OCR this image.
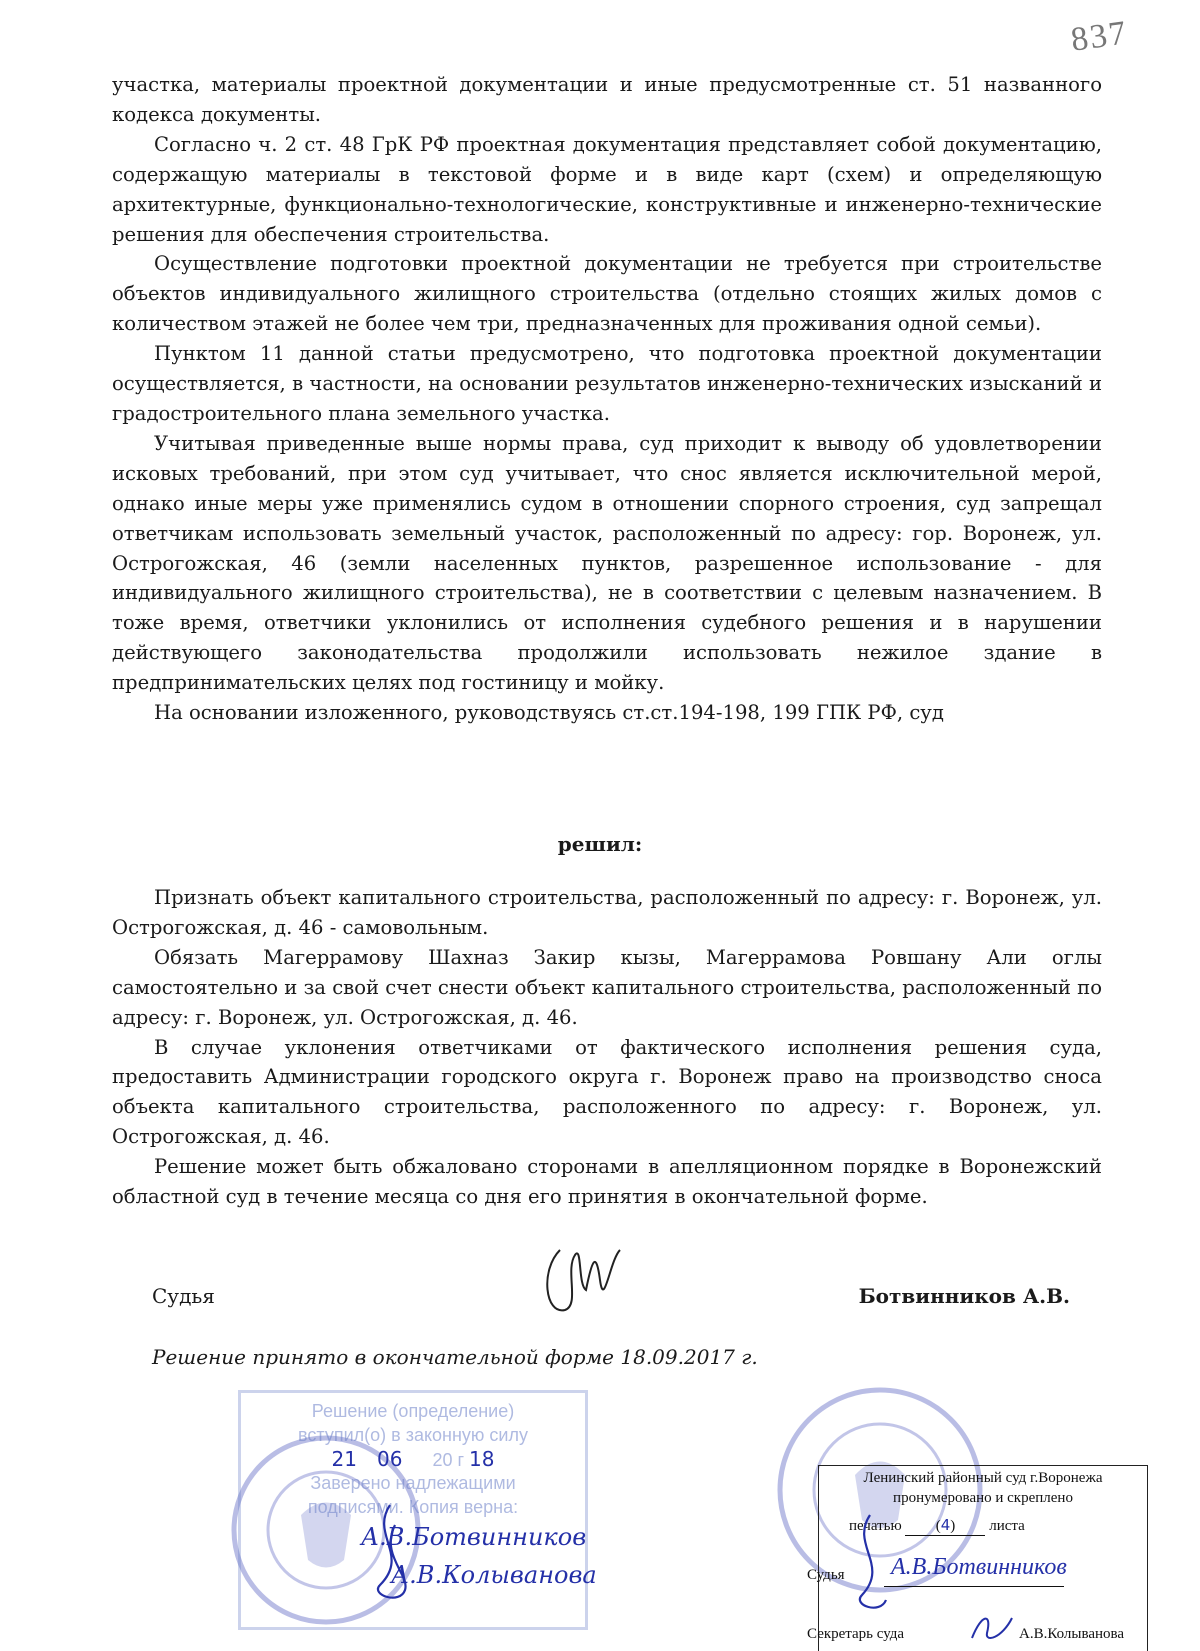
837

участка, материалы проектной документации и иные предусмотренные ст. 51 названного кодекса документы.

Согласно ч. 2 ст. 48 ГрК РФ проектная документация представляет собой документацию, содержащую материалы в текстовой форме и в виде карт (схем) и определяющую архитектурные, функционально-технологические, конструктивные и инженерно-технические решения для обеспечения строительства.

Осуществление подготовки проектной документации не требуется при строительстве объектов индивидуального жилищного строительства (отдельно стоящих жилых домов с количеством этажей не более чем три, предназначенных для проживания одной семьи).

Пунктом 11 данной статьи предусмотрено, что подготовка проектной документации осуществляется, в частности, на основании результатов инженерно-технических изысканий и градостроительного плана земельного участка.

Учитывая приведенные выше нормы права, суд приходит к выводу об удовлетворении исковых требований, при этом суд учитывает, что снос является исключительной мерой, однако иные меры уже применялись судом в отношении спорного строения, суд запрещал ответчикам использовать земельный участок, расположенный по адресу: гор. Воронеж, ул. Острогожская, 46 (земли населенных пунктов, разрешенное использование - для индивидуального жилищного строительства), не в соответствии с целевым назначением. В тоже время, ответчики уклонились от исполнения судебного решения и в нарушении действующего законодательства продолжили использовать нежилое здание в предпринимательских целях под гостиницу и мойку.

На основании изложенного, руководствуясь ст.ст.194-198, 199 ГПК РФ, суд

решил:

Признать объект капитального строительства, расположенный по адресу: г. Воронеж, ул. Острогожская, д. 46 - самовольным.

Обязать Магеррамову Шахназ Закир кызы, Магеррамова Ровшану Али оглы самостоятельно и за свой счет снести объект капитального строительства, расположенный по адресу: г. Воронеж, ул. Острогожская, д. 46.

В случае уклонения ответчиками от фактического исполнения решения суда, предоставить Администрации городского округа г. Воронеж право на производство сноса объекта капитального строительства, расположенного по адресу: г. Воронеж, ул. Острогожская, д. 46.

Решение может быть обжаловано сторонами в апелляционном порядке в Воронежский областной суд в течение месяца со дня его принятия в окончательной форме.

Судья	Ботвинников А.В.
Решение принято в окончательной форме 18.09.2017 г.
Решение (определение)
вступил(о) в законную силу
21 06 20 г 18
Заверено надлежащими
подписями. Копия верна:
А.В.Ботвинников
А.В.Колыванова
Ленинский районный суд г.Воронежа
пронумеровано и скреплено
печатью (4) листа
Судья А.В.Ботвинников
Секретарь суда	А.В.Колыванова
